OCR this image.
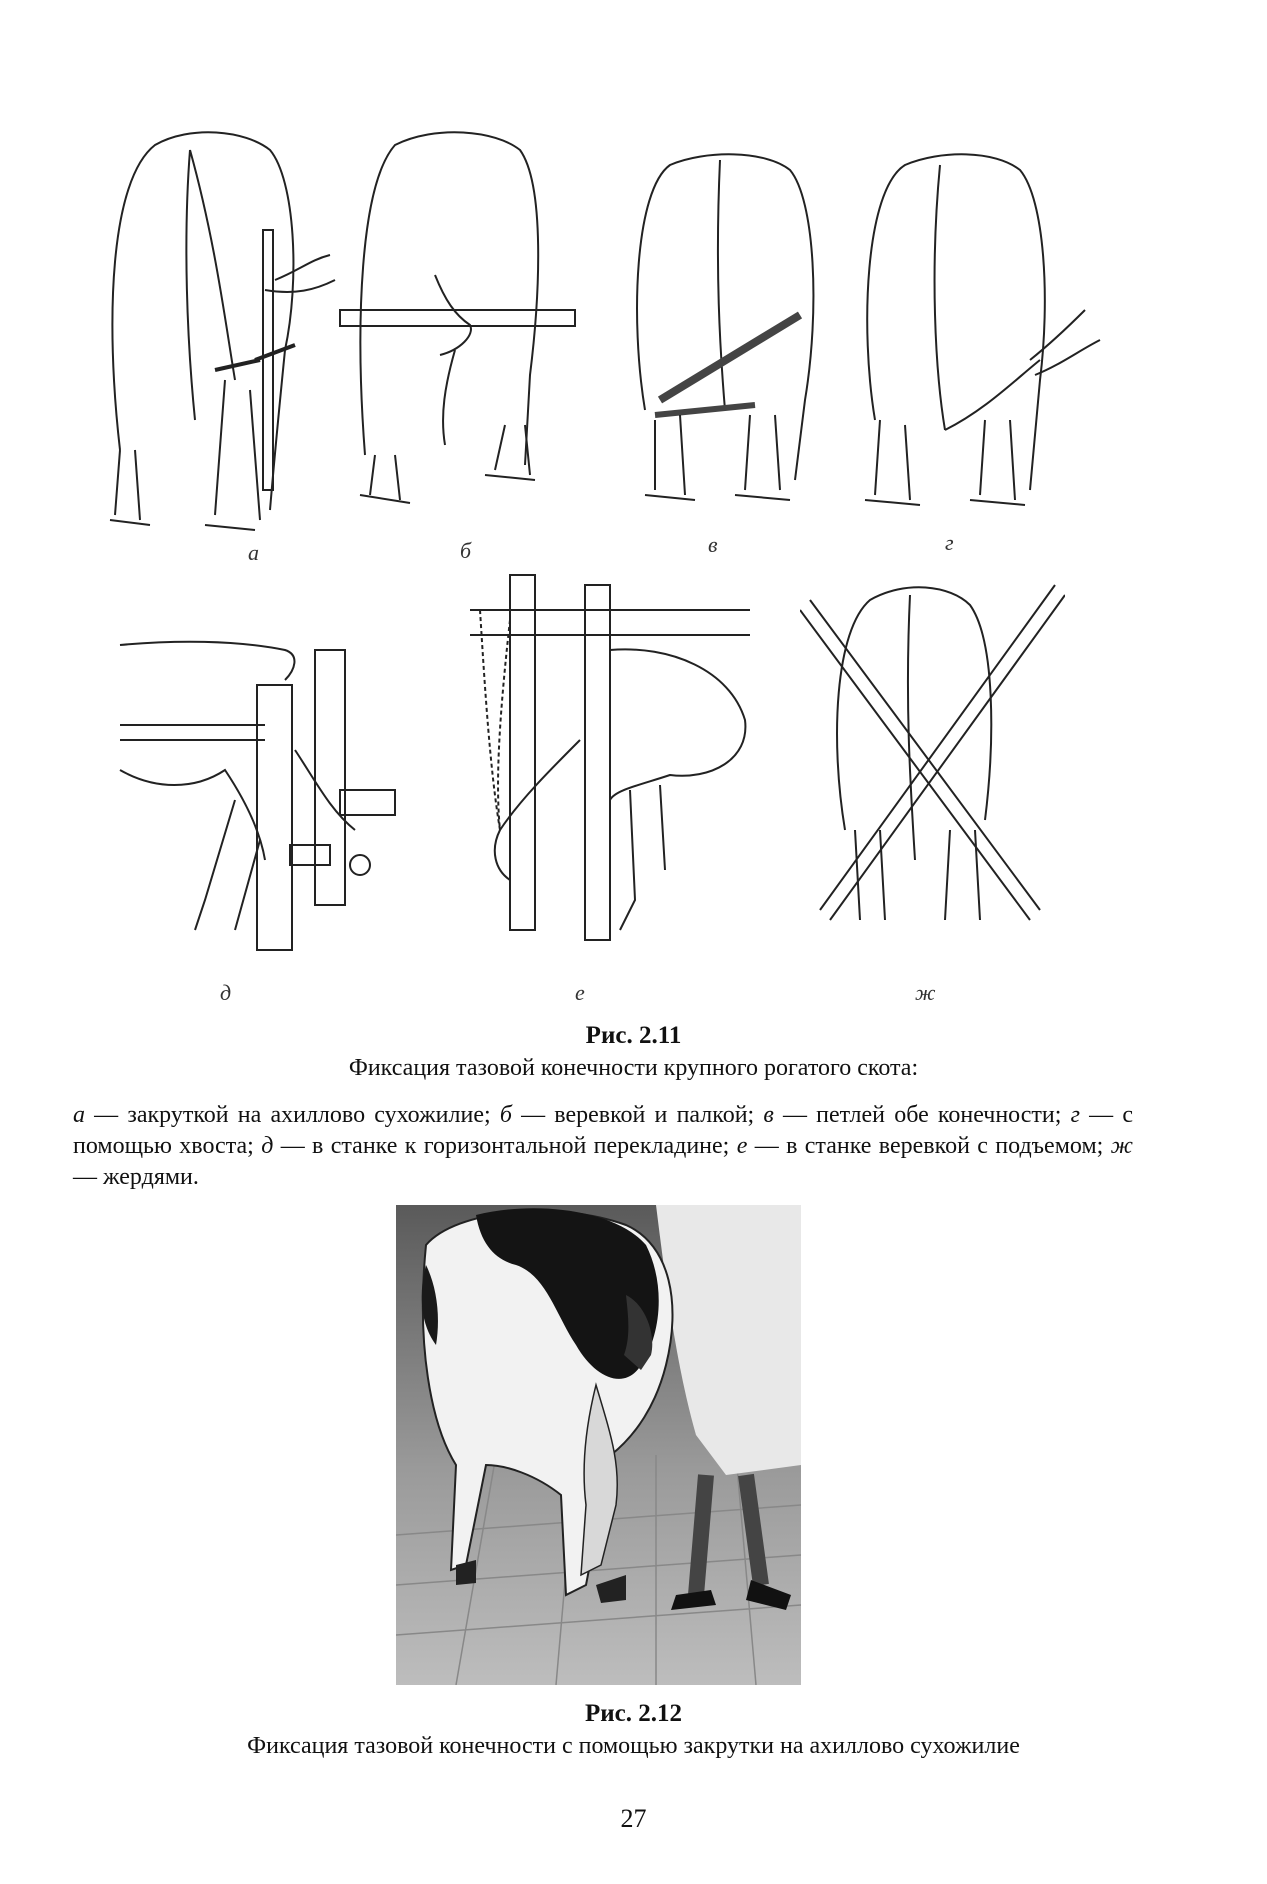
а	б	в	г
д	е	ж
Рис. 2.11
Фиксация тазовой конечности крупного рогатого скота:
а — закруткой на ахиллово сухожилие; б — веревкой и палкой; в — петлей обе конечности; г — с помощью хвоста; д — в станке к горизонтальной перекладине; е — в станке веревкой с подъемом; ж — жердями.
Рис. 2.12
Фиксация тазовой конечности с помощью закрутки на ахиллово сухожилие
27
